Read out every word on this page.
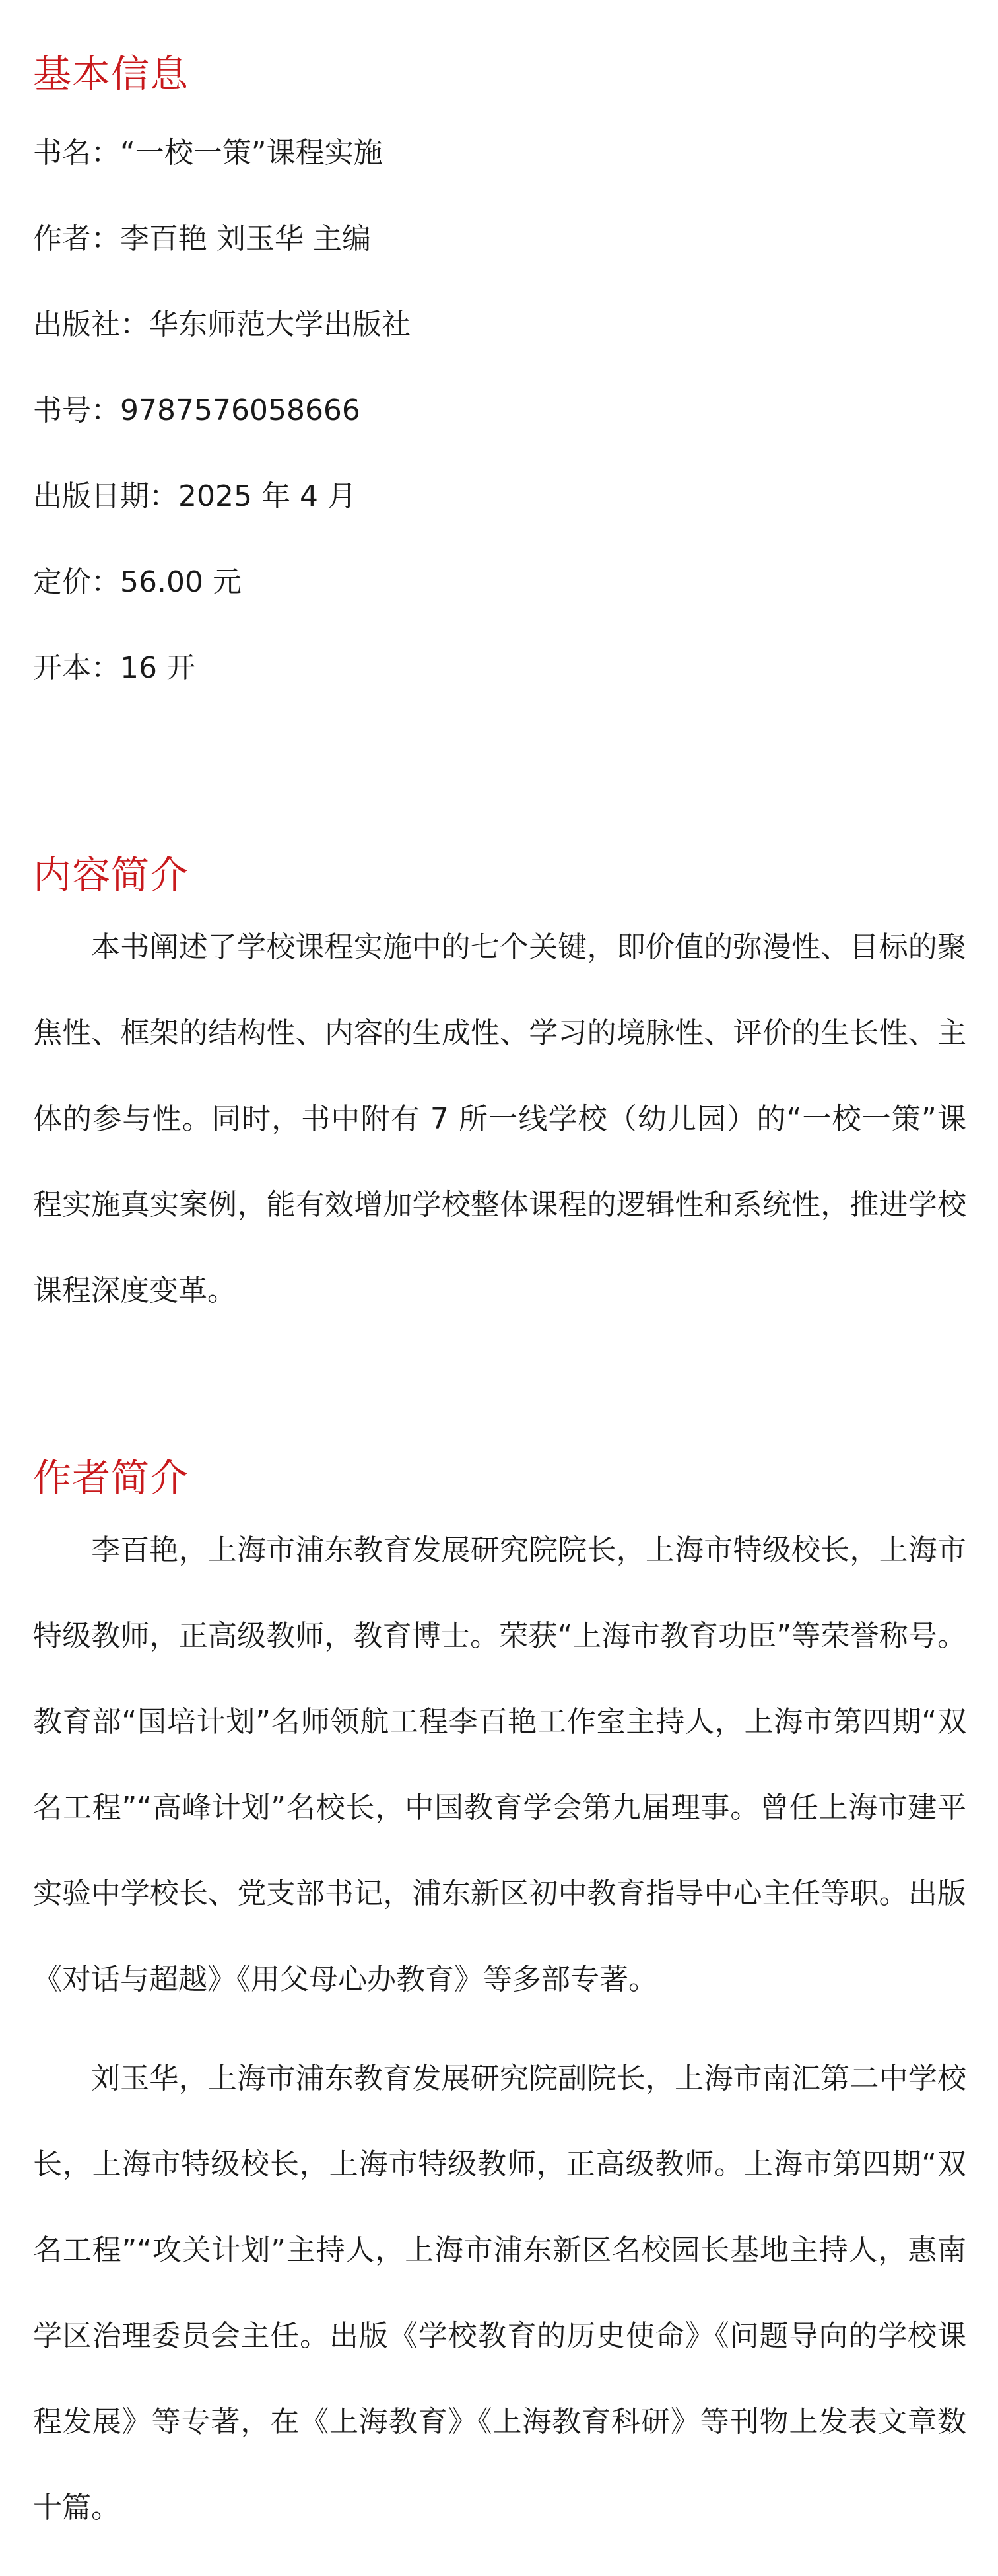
基本信息

书名：“一校一策”课程实施

作者：李百艳 刘玉华 主编

出版社：华东师范大学出版社

书号：9787576058666

出版日期：2025 年 4 月

定价：56.00 元

开本：16 开

内容简介

本书阐述了学校课程实施中的七个关键，即价值的弥漫性、目标的聚焦性、框架的结构性、内容的生成性、学习的境脉性、评价的生长性、主体的参与性。同时，书中附有 7 所一线学校（幼儿园）的“一校一策”课程实施真实案例，能有效增加学校整体课程的逻辑性和系统性，推进学校课程深度变革。

作者简介

李百艳，上海市浦东教育发展研究院院长，上海市特级校长，上海市特级教师，正高级教师，教育博士。荣获“上海市教育功臣”等荣誉称号。教育部“国培计划”名师领航工程李百艳工作室主持人，上海市第四期“双名工程”“高峰计划”名校长，中国教育学会第九届理事。曾任上海市建平实验中学校长、党支部书记，浦东新区初中教育指导中心主任等职。出版《对话与超越》《用父母心办教育》等多部专著。

刘玉华，上海市浦东教育发展研究院副院长，上海市南汇第二中学校长，上海市特级校长，上海市特级教师，正高级教师。上海市第四期“双名工程”“攻关计划”主持人，上海市浦东新区名校园长基地主持人，惠南学区治理委员会主任。出版《学校教育的历史使命》《问题导向的学校课程发展》等专著，在《上海教育》《上海教育科研》等刊物上发表文章数十篇。
